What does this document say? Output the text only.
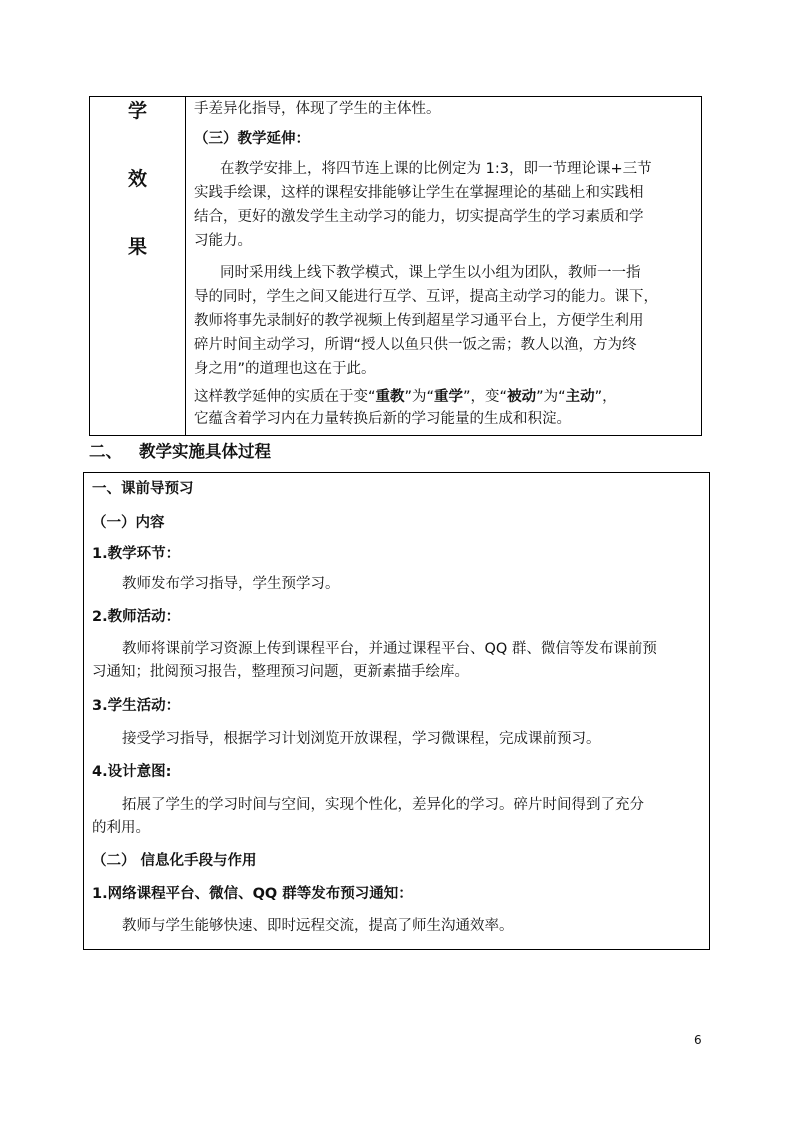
学
效
果
手差异化指导，体现了学生的主体性。
（三）教学延伸：
在教学安排上，将四节连上课的比例定为 1:3，即一节理论课+三节
实践手绘课，这样的课程安排能够让学生在掌握理论的基础上和实践相
结合，更好的激发学生主动学习的能力，切实提高学生的学习素质和学
习能力。
同时采用线上线下教学模式，课上学生以小组为团队，教师一一指
导的同时，学生之间又能进行互学、互评，提高主动学习的能力。课下，
教师将事先录制好的教学视频上传到超星学习通平台上，方便学生利用
碎片时间主动学习，所谓“授人以鱼只供一饭之需；教人以渔，方为终
身之用”的道理也这在于此。
这样教学延伸的实质在于变“重教”为“重学”，变“被动”为“主动”，
它蕴含着学习内在力量转换后新的学习能量的生成和积淀。
二、 教学实施具体过程
一、课前导预习
（一）内容
1.教学环节：
教师发布学习指导，学生预学习。
2.教师活动：
教师将课前学习资源上传到课程平台，并通过课程平台、QQ 群、微信等发布课前预
习通知；批阅预习报告，整理预习问题，更新素描手绘库。
3.学生活动：
接受学习指导，根据学习计划浏览开放课程，学习微课程，完成课前预习。
4.设计意图:
拓展了学生的学习时间与空间，实现个性化，差异化的学习。碎片时间得到了充分
的利用。
（二） 信息化手段与作用
1.网络课程平台、微信、QQ 群等发布预习通知：
教师与学生能够快速、即时远程交流，提高了师生沟通效率。
6
